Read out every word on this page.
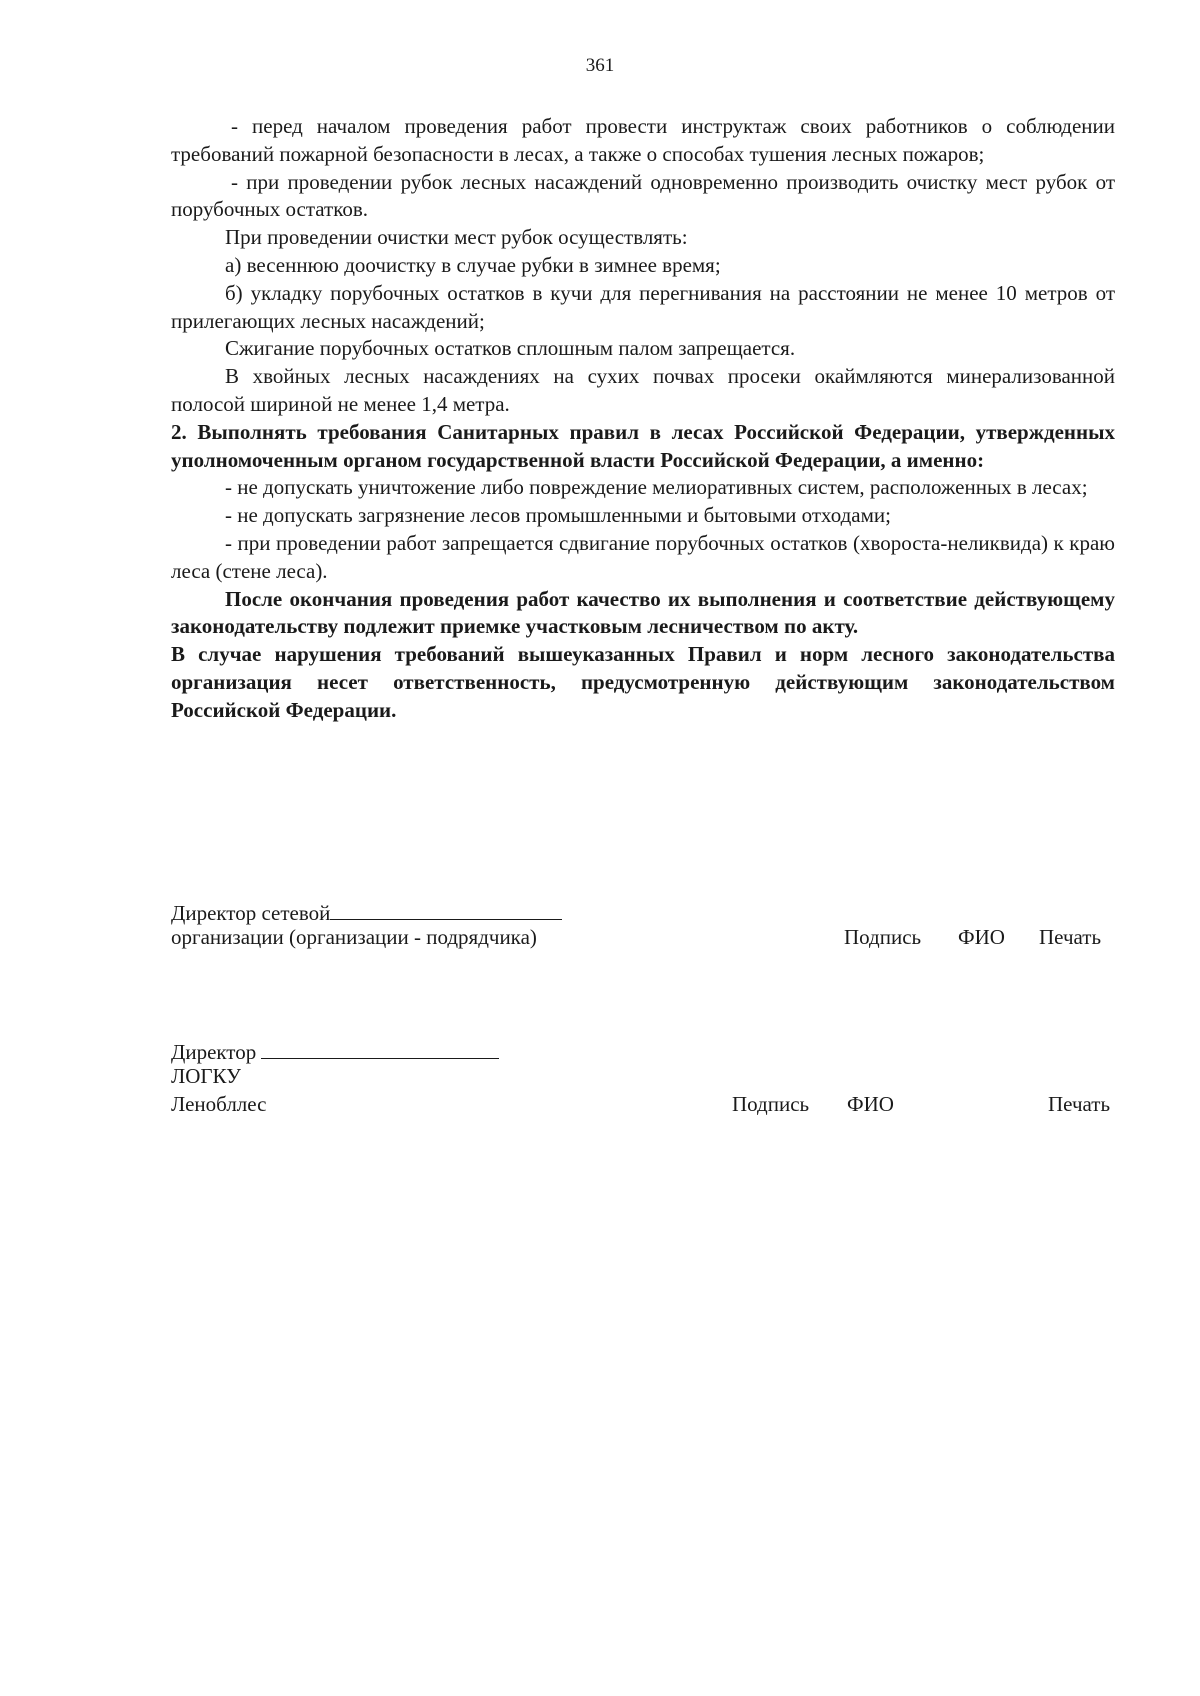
361

- перед началом проведения работ провести инструктаж своих работников о соблюдении требований пожарной безопасности в лесах, а также о способах тушения лесных пожаров;

- при проведении рубок лесных насаждений одновременно производить очистку мест рубок от порубочных остатков.

При проведении очистки мест рубок осуществлять:

а) весеннюю доочистку в случае рубки в зимнее время;

б) укладку порубочных остатков в кучи для перегнивания на расстоянии не менее 10 метров от прилегающих лесных насаждений;

Сжигание порубочных остатков сплошным палом запрещается.

В хвойных лесных насаждениях на сухих почвах просеки окаймляются минерализованной полосой шириной не менее 1,4 метра.

2. Выполнять требования Санитарных правил в лесах Российской Федерации, утвержденных уполномоченным органом государственной власти Российской Федерации, а именно:

- не допускать уничтожение либо повреждение мелиоративных систем, расположенных в лесах;

- не допускать загрязнение лесов промышленными и бытовыми отходами;

- при проведении работ запрещается сдвигание порубочных остатков (хвороста-неликвида) к краю леса (стене леса).

После окончания проведения работ качество их выполнения и соответствие действующему законодательству подлежит приемке участковым лесничеством по акту.

В случае нарушения требований вышеуказанных Правил и норм лесного законодательства организация несет ответственность, предусмотренную действующим законодательством Российской Федерации.

Директор сетевой
организации (организации - подрядчика)	Подпись ФИО Печать
Директор
ЛОГКУ
Ленобллес	Подпись ФИО	Печать
